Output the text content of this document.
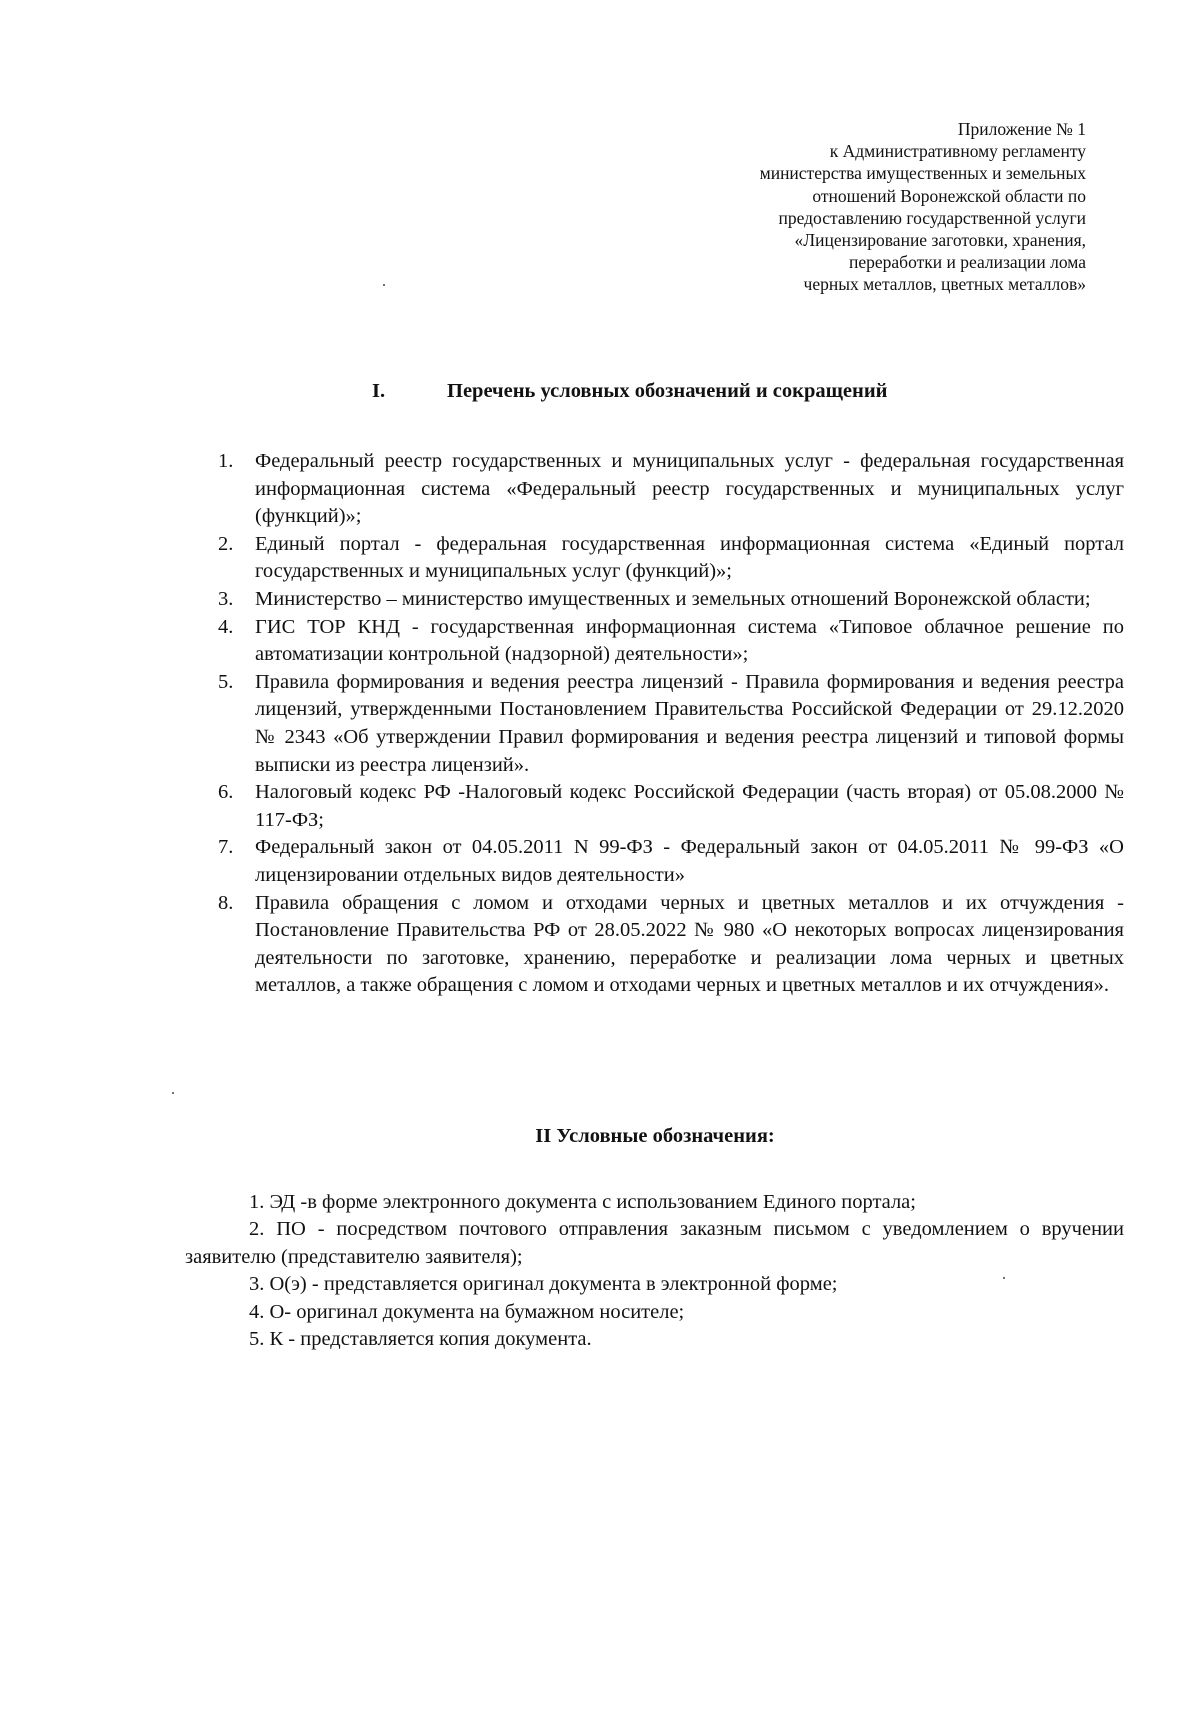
Приложение № 1
к Административному регламенту
министерства имущественных и земельных
отношений Воронежской области по
предоставлению государственной услуги
«Лицензирование заготовки, хранения,
переработки и реализации лома
черных металлов, цветных металлов»
I.	Перечень условных обозначений и сокращений
1. Федеральный реестр государственных и муниципальных услуг - федеральная государственная информационная система «Федеральный реестр государственных и муниципальных услуг (функций)»;
2. Единый портал - федеральная государственная информационная система «Единый портал государственных и муниципальных услуг (функций)»;
3. Министерство – министерство имущественных и земельных отношений Воронежской области;
4. ГИС ТОР КНД - государственная информационная система «Типовое облачное решение по автоматизации контрольной (надзорной) деятельности»;
5. Правила формирования и ведения реестра лицензий - Правила формирования и ведения реестра лицензий, утвержденными Постановлением Правительства Российской Федерации от 29.12.2020 № 2343 «Об утверждении Правил формирования и ведения реестра лицензий и типовой формы выписки из реестра лицензий».
6. Налоговый кодекс РФ -Налоговый кодекс Российской Федерации (часть вторая) от 05.08.2000 № 117-ФЗ;
7. Федеральный закон от 04.05.2011 N 99-ФЗ - Федеральный закон от 04.05.2011 № 99-ФЗ «О лицензировании отдельных видов деятельности»
8. Правила обращения с ломом и отходами черных и цветных металлов и их отчуждения - Постановление Правительства РФ от 28.05.2022 № 980 «О некоторых вопросах лицензирования деятельности по заготовке, хранению, переработке и реализации лома черных и цветных металлов, а также обращения с ломом и отходами черных и цветных металлов и их отчуждения».
II Условные обозначения:

1. ЭД -в форме электронного документа с использованием Единого портала;

2. ПО - посредством почтового отправления заказным письмом с уведомлением о вручении заявителю (представителю заявителя);

3. О(э) - представляется оригинал документа в электронной форме;

4. О- оригинал документа на бумажном носителе;

5. К - представляется копия документа.
